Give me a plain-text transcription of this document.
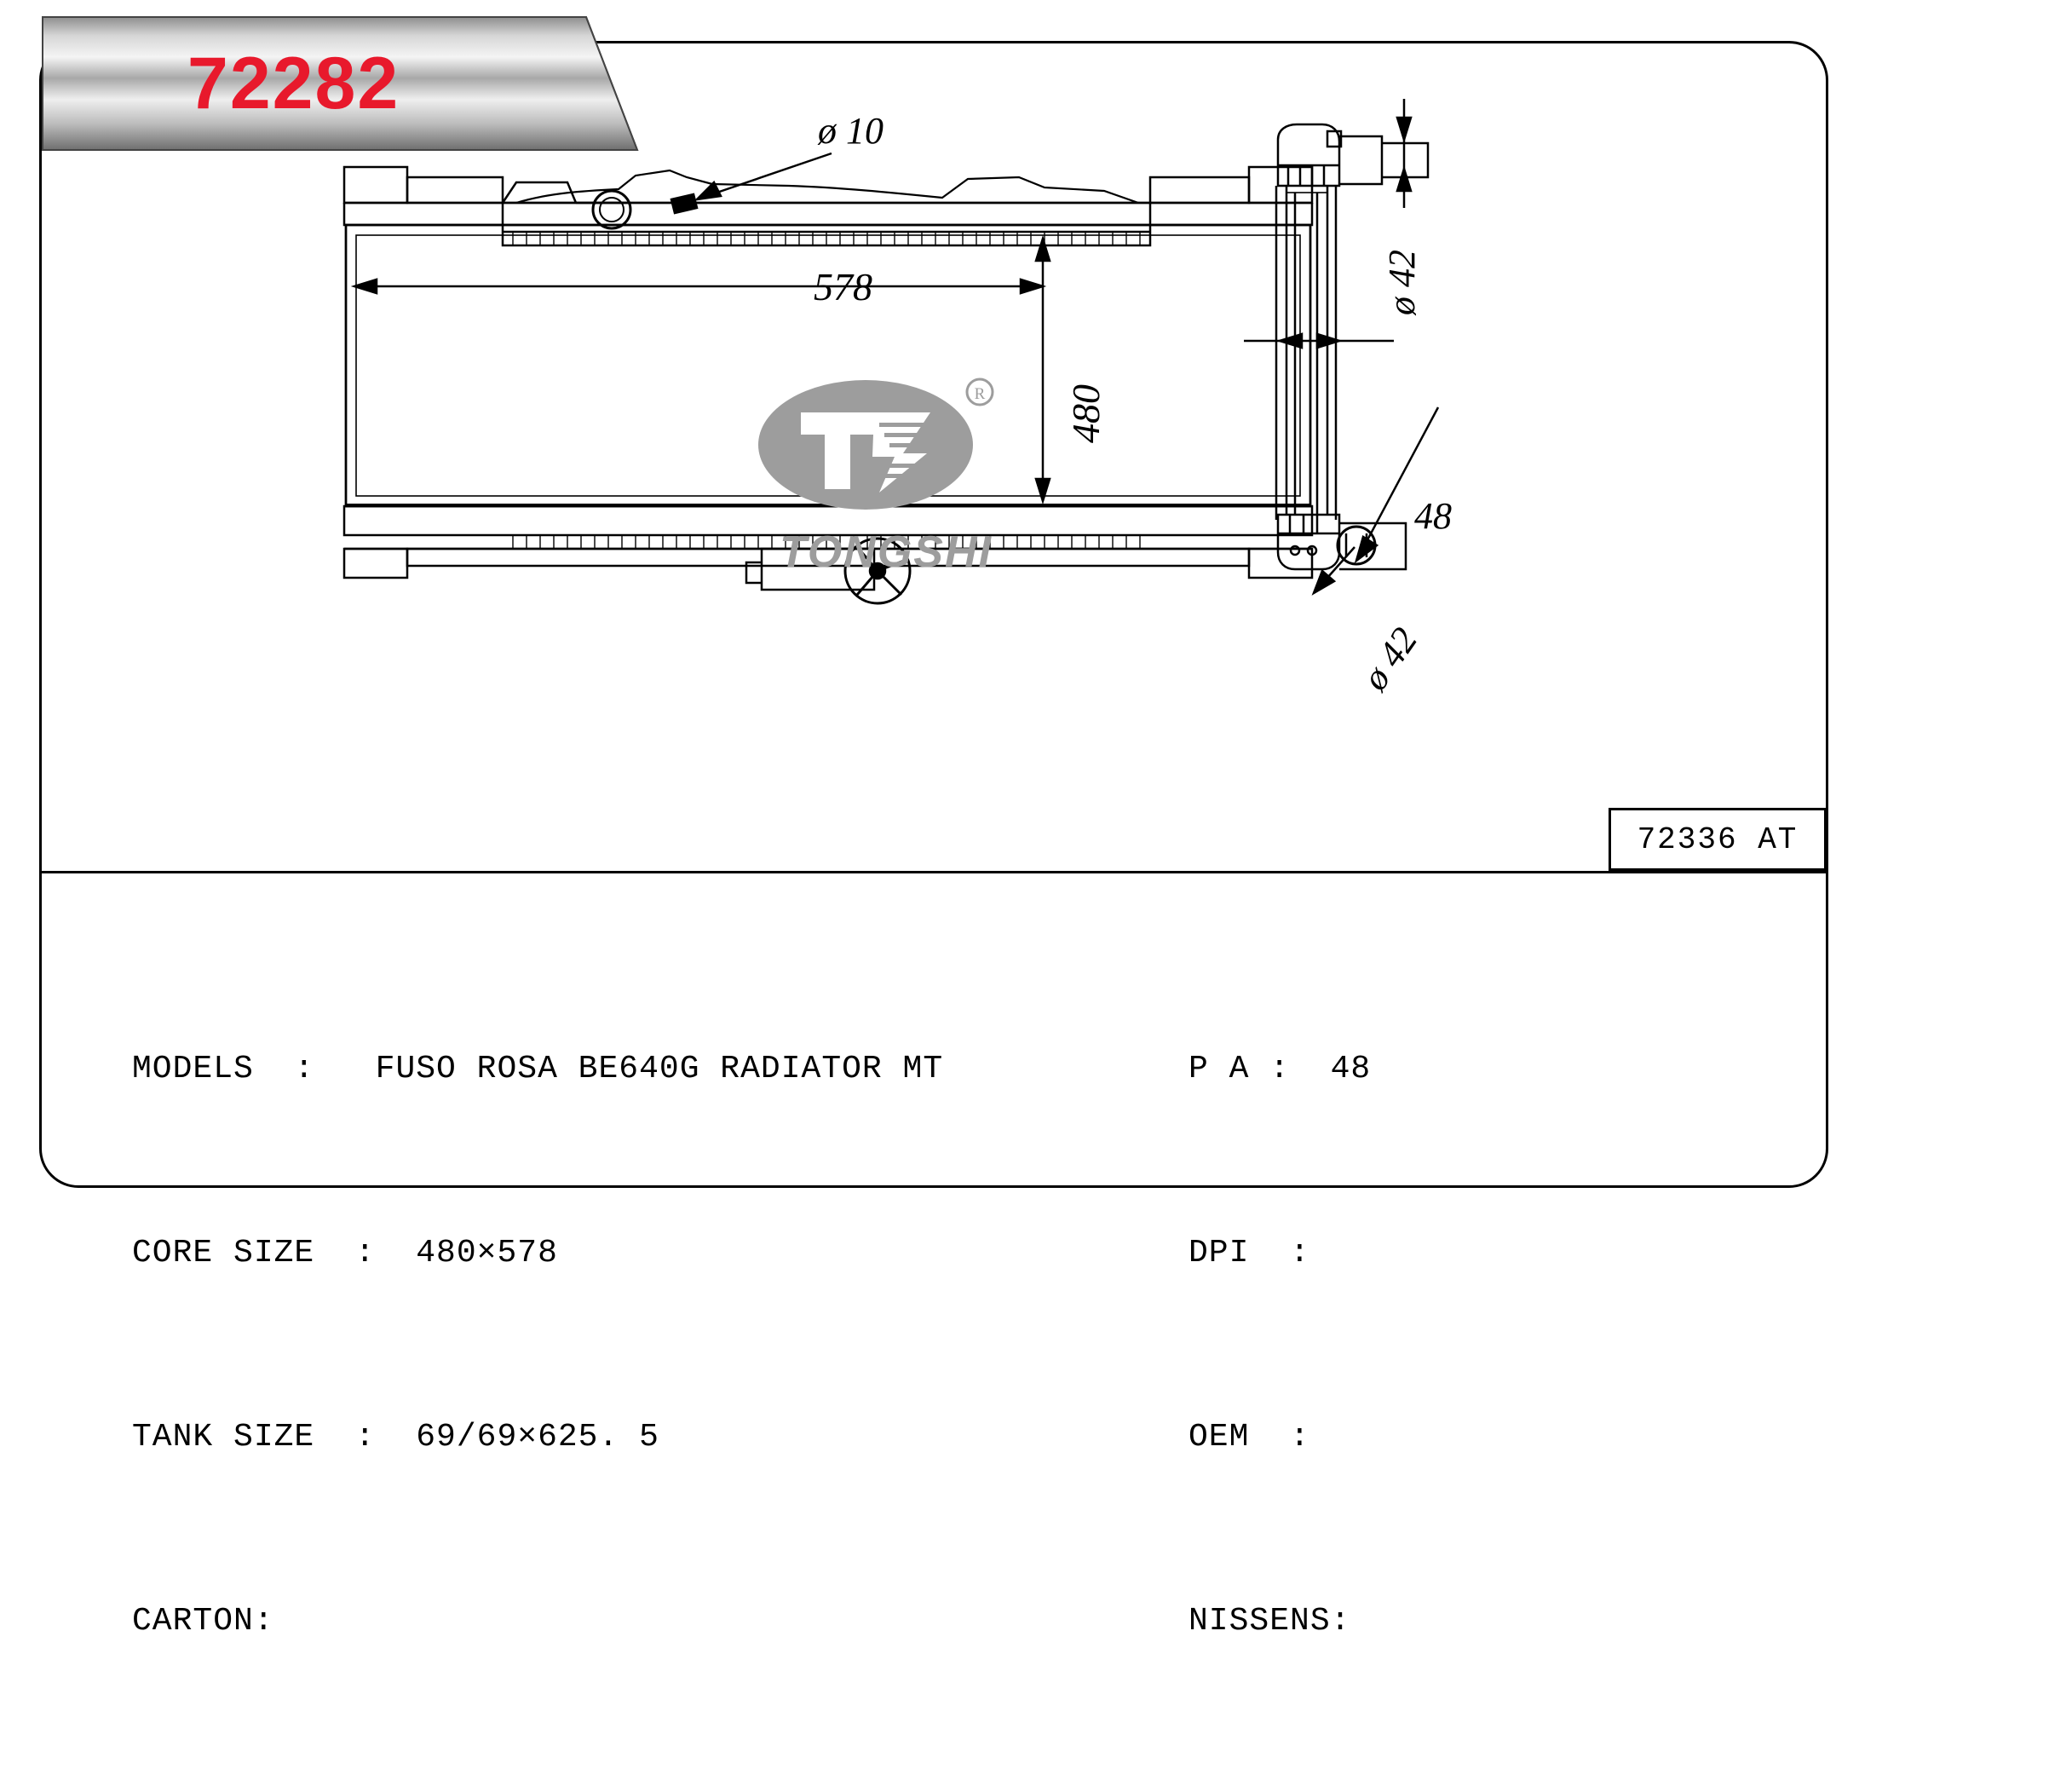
72282
578
480
ø 10
ø 42
48
ø 42
R
TONGSHI
72336 AT

MODELS  :   FUSO ROSA BE640G RADIATOR MT

CORE SIZE  :  480×578

TANK SIZE  :  69/69×625. 5

CARTON:

P A :  48

DPI  :

OEM  :

NISSENS:
